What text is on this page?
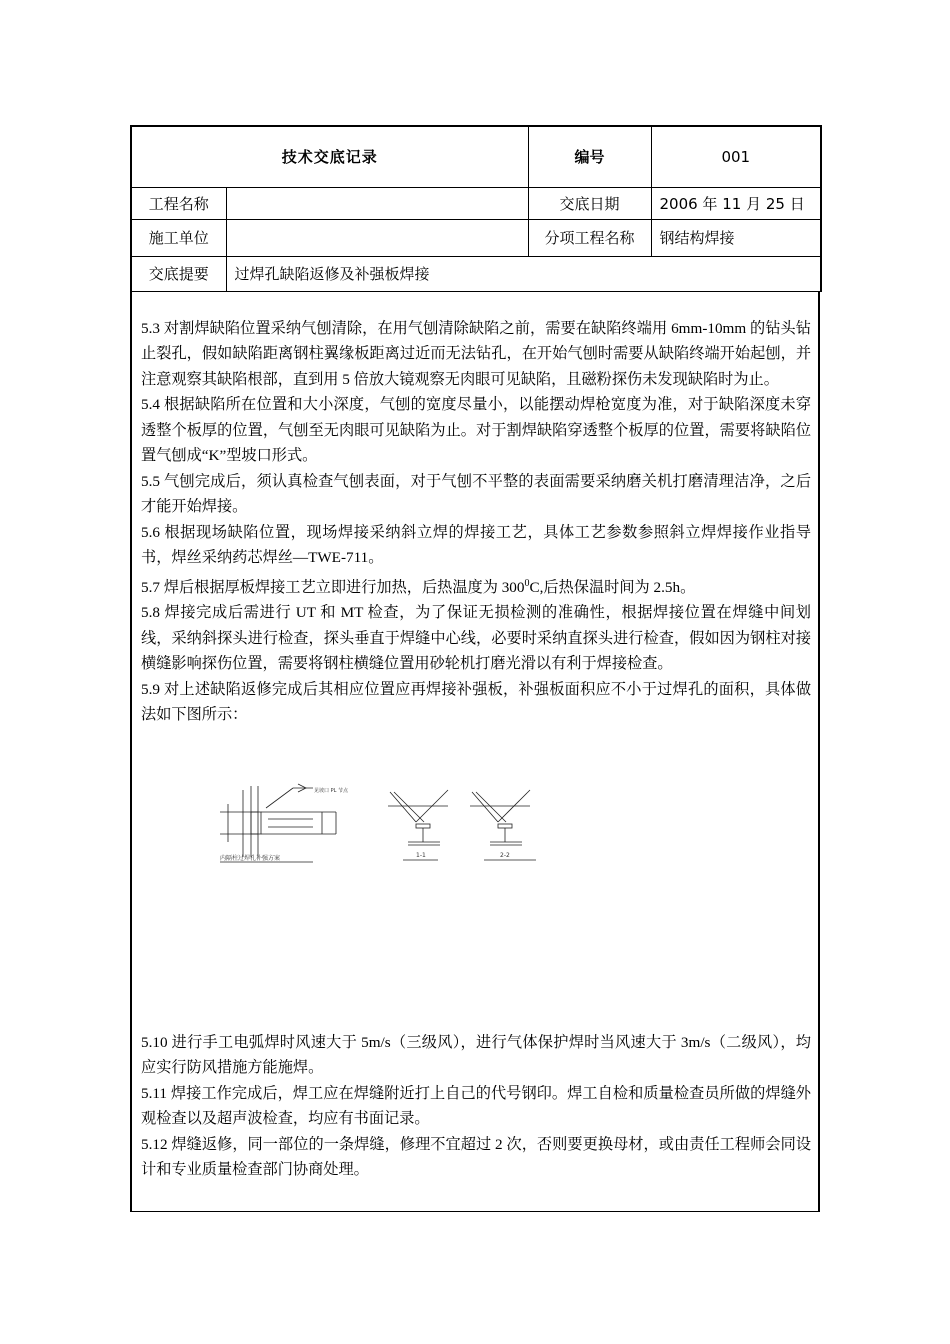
技术交底记录		编号	001
工程名称		交底日期	2006 年 11 月 25 日
施工单位		分项工程名称	钢结构焊接
交底提要	过焊孔缺陷返修及补强板焊接		

5.3 对割焊缺陷位置采纳气刨清除，在用气刨清除缺陷之前，需要在缺陷终端用 6mm-10mm 的钻头钻止裂孔，假如缺陷距离钢柱翼缘板距离过近而无法钻孔，在开始气刨时需要从缺陷终端开始起刨，并注意观察其缺陷根部，直到用 5 倍放大镜观察无肉眼可见缺陷，且磁粉探伤未发现缺陷时为止。

5.4 根据缺陷所在位置和大小深度，气刨的宽度尽量小，以能摆动焊枪宽度为准，对于缺陷深度未穿透整个板厚的位置，气刨至无肉眼可见缺陷为止。对于割焊缺陷穿透整个板厚的位置，需要将缺陷位置气刨成“K”型坡口形式。

5.5 气刨完成后，须认真检查气刨表面，对于气刨不平整的表面需要采纳磨关机打磨清理洁净，之后才能开始焊接。

5.6 根据现场缺陷位置，现场焊接采纳斜立焊的焊接工艺，具体工艺参数参照斜立焊焊接作业指导书，焊丝采纳药芯焊丝—TWE-711。

5.7 焊后根据厚板焊接工艺立即进行加热，后热温度为 $300^0C$,后热保温时间为 2.5h。

5.8 焊接完成后需进行 UT 和 MT 检查，为了保证无损检测的准确性，根据焊接位置在焊缝中间划线，采纳斜探头进行检查，探头垂直于焊缝中心线，必要时采纳直探头进行检查，假如因为钢柱对接横缝影响探伤位置，需要将钢柱横缝位置用砂轮机打磨光滑以有利于焊接检查。

5.9 对上述缺陷返修完成后其相应位置应再焊接补强板，补强板面积应不小于过焊孔的面积，具体做法如下图所示：

见坡口 PL 节点
内隔柱过焊孔补强方案	1-1	2-2

5.10 进行手工电弧焊时风速大于 5m/s（三级风），进行气体保护焊时当风速大于 3m/s（二级风），均应实行防风措施方能施焊。

5.11 焊接工作完成后，焊工应在焊缝附近打上自己的代号钢印。焊工自检和质量检查员所做的焊缝外观检查以及超声波检查，均应有书面记录。

5.12 焊缝返修，同一部位的一条焊缝，修理不宜超过 2 次，否则要更换母材，或由责任工程师会同设计和专业质量检查部门协商处理。
